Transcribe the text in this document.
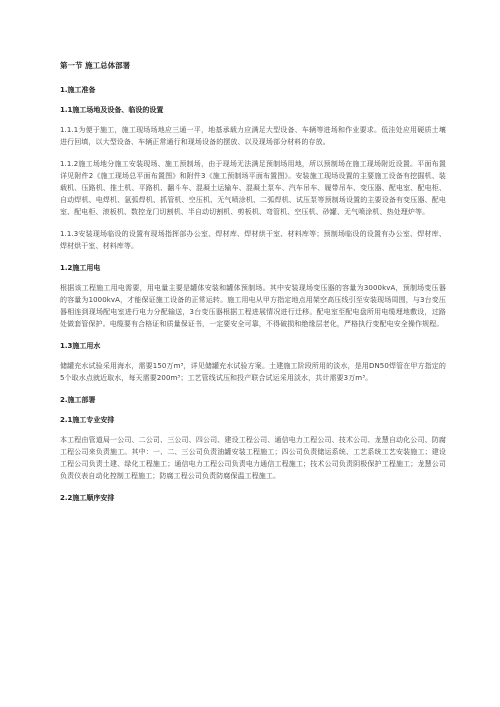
第一节 施工总体部署
1.施工准备
1.1施工场地及设备、临设的设置
1.1.1为便于施工，施工现场场地应三通一平，地基承载力应满足大型设备、车辆等进场和作业要求。低洼处应用硬质土壤进行回填，以大型设备、车辆正常通行和现场设备的摆放、以及现场部分材料的存放。
1.1.2施工场地分施工安装现场、施工预制场，由于现场无法满足预制场用地，所以预制场在施工现场附近设置。平面布置详见附件2《施工现场总平面布置图》和附件3《施工预制场平面布置图》。安装施工现场设置的主要施工设备有挖掘机、装载机、压路机、推土机、平路机、翻斗车、混凝土运输车、混凝土泵车、汽车吊车、履带吊车、变压器、配电室、配电柜、自动焊机、电焊机、氩弧焊机、抓管机、空压机、无气喷涂机、二弧焊机、试压泵等预制场设置的主要设备有变压器、配电室、配电柜、滚板机、数控龙门切割机、半自动切割机、剪板机、弯管机、空压机、砂罐、无气喷涂机、热处理炉等。
1.1.3安装现场临设的设置有现场指挥部办公室、焊材库、焊材烘干室、材料库等；预制场临设的设置有办公室、焊材库、焊材烘干室、材料库等。
1.2施工用电
根据该工程施工用电需要，用电量主要是罐体安装和罐体预制场。其中安装现场变压器的容量为3000kvA，预制场变压器的容量为1000kvA，才能保证施工设备的正常运转。施工用电从甲方指定地点用架空高压线引至安装现场周围，与3台变压器相连到现场配电室进行电力分配输送，3台变压器根据工程进展情况进行迁移。配电室至配电盘所用电缆埋地敷设，过路处做套管保护。电缆要有合格证和质量保证书，一定要安全可靠，不得破损和绝缘层老化，严格执行变配电安全操作规程。
1.3施工用水
储罐充水试验采用海水，需要150万m³，详见储罐充水试验方案。土建施工阶段所用的淡水，是用DN50焊管在甲方指定的5个取水点就近取水，每天需要200m³；工艺管线试压和投产联合试运采用淡水，共计需要3万m³。
2.施工部署
2.1施工专业安排
本工程由管道局一公司、二公司、三公司、四公司、建设工程公司、通信电力工程公司、技术公司、龙慧自动化公司、防腐工程公司来负责施工。其中：一、二、三公司负责油罐安装工程施工；四公司负责储运系统、工艺系统工艺安装施工；建设工程公司负责土建、绿化工程施工；通信电力工程公司负责电力通信工程施工；技术公司负责阴极保护工程施工；龙慧公司负责仪表自动化控制工程施工；防腐工程公司负责防腐保温工程施工。
2.2施工顺序安排
